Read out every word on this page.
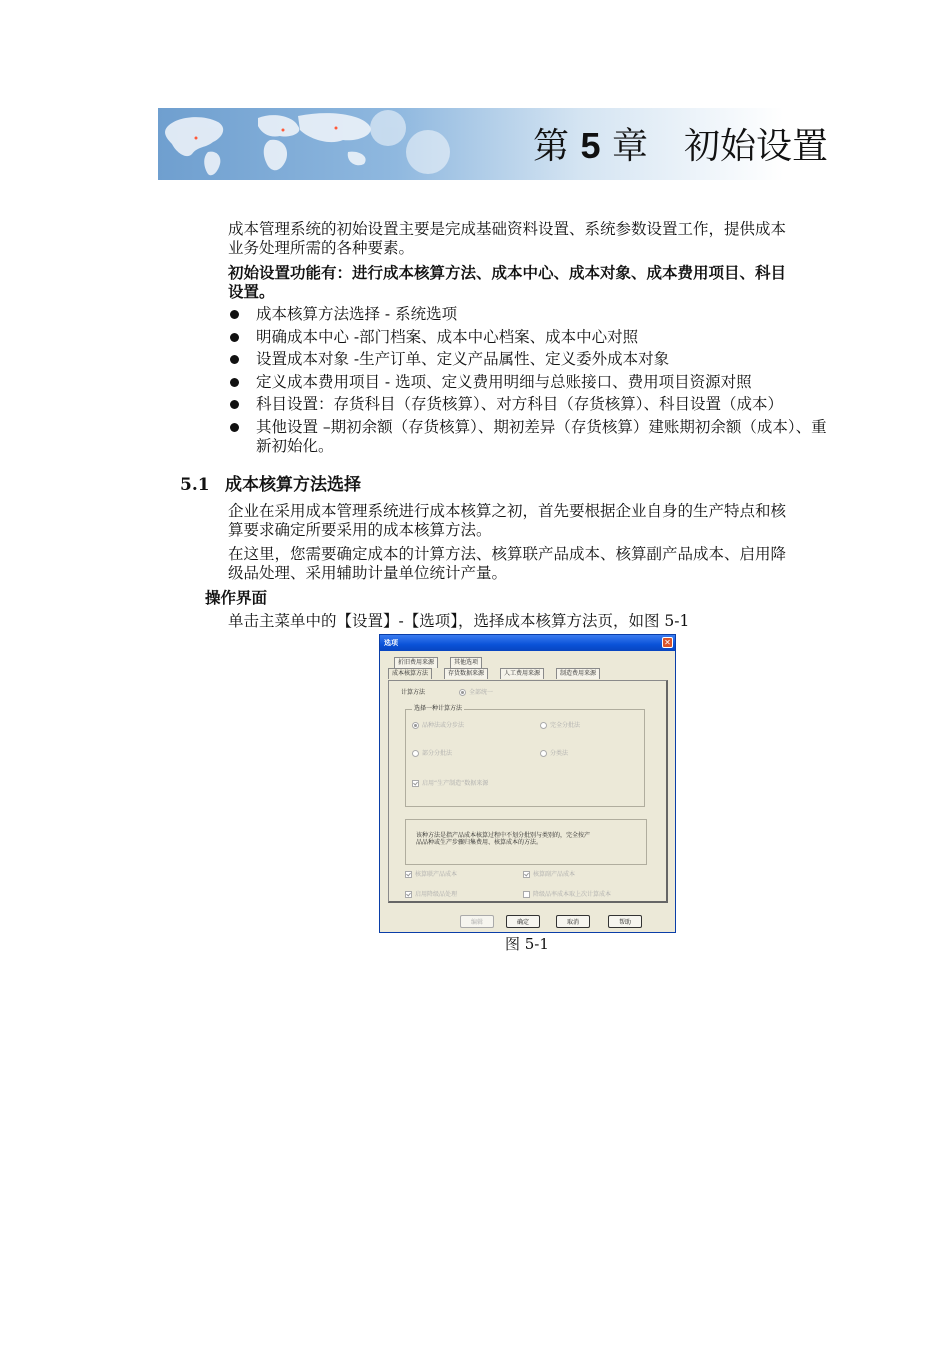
第 5 章 初始设置

成本管理系统的初始设置主要是完成基础资料设置、系统参数设置工作，提供成本
业务处理所需的各种要素。

初始设置功能有：进行成本核算方法、成本中心、成本对象、成本费用项目、科目
设置。

成本核算方法选择 - 系统选项
明确成本中心 -部门档案、成本中心档案、成本中心对照
设置成本对象 -生产订单、定义产品属性、定义委外成本对象
定义成本费用项目 - 选项、定义费用明细与总账接口、费用项目资源对照
科目设置：存货科目（存货核算）、对方科目（存货核算）、科目设置（成本）
其他设置 –期初余额（存货核算）、期初差异（存货核算）建账期初余额（成本）、重新初始化。
5.1 成本核算方法选择

企业在采用成本管理系统进行成本核算之初，首先要根据企业自身的生产特点和核
算要求确定所要采用的成本核算方法。

在这里，您需要确定成本的计算方法、核算联产品成本、核算副产品成本、启用降
级品处理、采用辅助计量单位统计产量。

操作界面

单击主菜单中的【设置】-【选项】，选择成本核算方法页，如图 5-1

选项	✕
折旧费用来源	其他选项
成本核算方法	存货数据来源	人工费用来源	制造费用来源
计算方法	全部统一
选择一种计算方法
品种法或分步法	完全分批法
部分分批法	分类法
启用“生产制造”数据来源
该种方法是指产品成本核算过程中不划分批别与类别的，完全按产
品品种或生产步骤归集费用、核算成本的方法。
核算联产品成本	核算副产品成本
启用降级品处理	降级品率成本取上次计算成本
编辑	确定	取消	帮助
图 5-1
